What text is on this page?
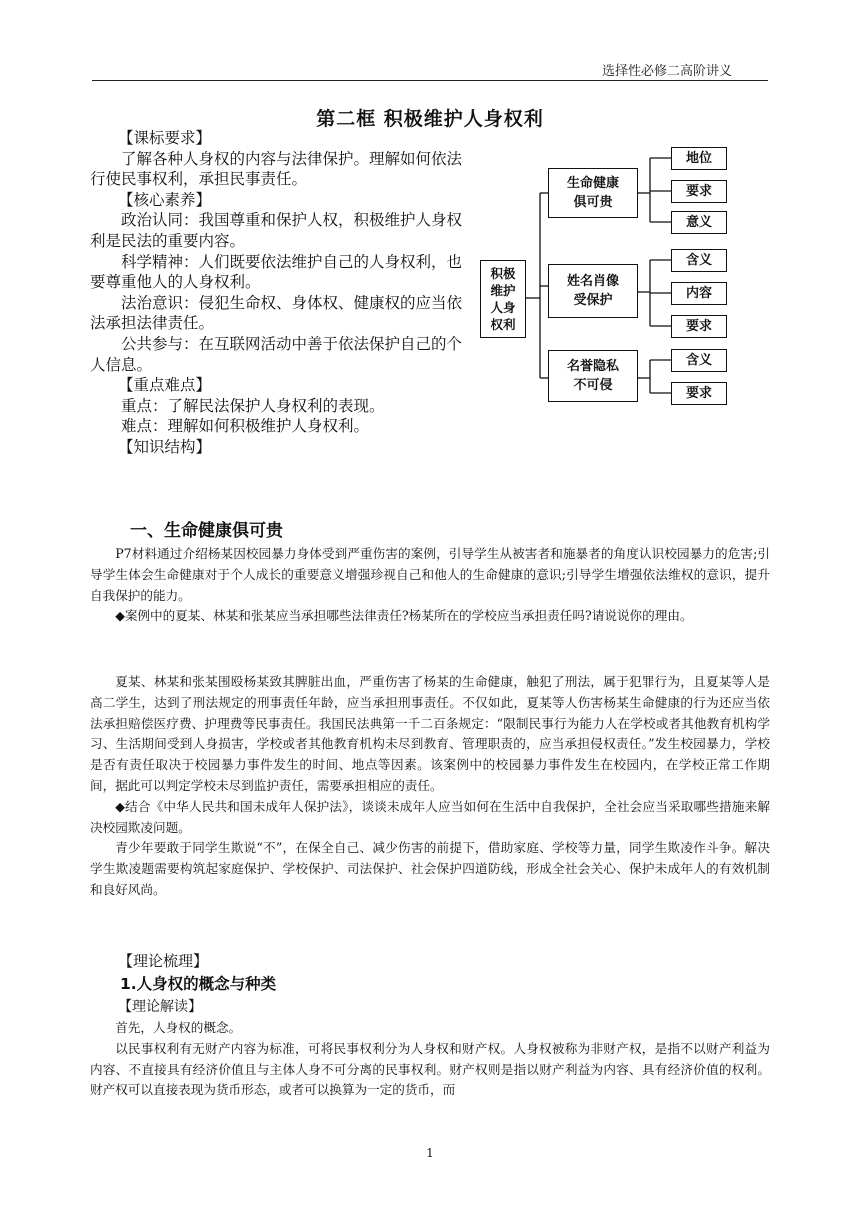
选择性必修二高阶讲义
第二框 积极维护人身权利

【课标要求】

了解各种人身权的内容与法律保护。理解如何依法行使民事权利，承担民事责任。

【核心素养】

政治认同：我国尊重和保护人权，积极维护人身权利是民法的重要内容。

科学精神：人们既要依法维护自己的人身权利，也要尊重他人的人身权利。

法治意识：侵犯生命权、身体权、健康权的应当依法承担法律责任。

公共参与：在互联网活动中善于依法保护自己的个人信息。

【重点难点】

重点：了解民法保护人身权利的表现。

难点：理解如何积极维护人身权利。

【知识结构】

积极维护人身权利
生命健康俱可贵
姓名肖像受保护
名誉隐私不可侵
地位
要求
意义
含义
内容
要求
含义
要求
一、生命健康俱可贵

P7材料通过介绍杨某因校园暴力身体受到严重伤害的案例，引导学生从被害者和施暴者的角度认识校园暴力的危害;引导学生体会生命健康对于个人成长的重要意义增强珍视自己和他人的生命健康的意识;引导学生增强依法维权的意识，提升自我保护的能力。

◆案例中的夏某、林某和张某应当承担哪些法律责任?杨某所在的学校应当承担责任吗?请说说你的理由。

夏某、林某和张某围殴杨某致其脾脏出血，严重伤害了杨某的生命健康，触犯了刑法，属于犯罪行为，且夏某等人是高二学生，达到了刑法规定的刑事责任年龄，应当承担刑事责任。不仅如此，夏某等人伤害杨某生命健康的行为还应当依法承担赔偿医疗费、护理费等民事责任。我国民法典第一千二百条规定：“限制民事行为能力人在学校或者其他教育机构学习、生活期间受到人身损害，学校或者其他教育机构未尽到教育、管理职责的，应当承担侵权责任。”发生校园暴力，学校是否有责任取决于校园暴力事件发生的时间、地点等因素。该案例中的校园暴力事件发生在校园内，在学校正常工作期间，据此可以判定学校未尽到监护责任，需要承担相应的责任。

◆结合《中华人民共和国未成年人保护法》，谈谈未成年人应当如何在生活中自我保护，全社会应当采取哪些措施来解决校园欺凌问题。

青少年要敢于同学生欺说“不”，在保全自己、减少伤害的前提下，借助家庭、学校等力量，同学生欺凌作斗争。解决学生欺凌题需要构筑起家庭保护、学校保护、司法保护、社会保护四道防线，形成全社会关心、保护未成年人的有效机制和良好风尚。

【理论梳理】

1.人身权的概念与种类

【理论解读】

首先，人身权的概念。

以民事权利有无财产内容为标准，可将民事权利分为人身权和财产权。人身权被称为非财产权，是指不以财产利益为内容、不直接具有经济价值且与主体人身不可分离的民事权利。财产权则是指以财产利益为内容、具有经济价值的权利。财产权可以直接表现为货币形态，或者可以换算为一定的货币，而

1
